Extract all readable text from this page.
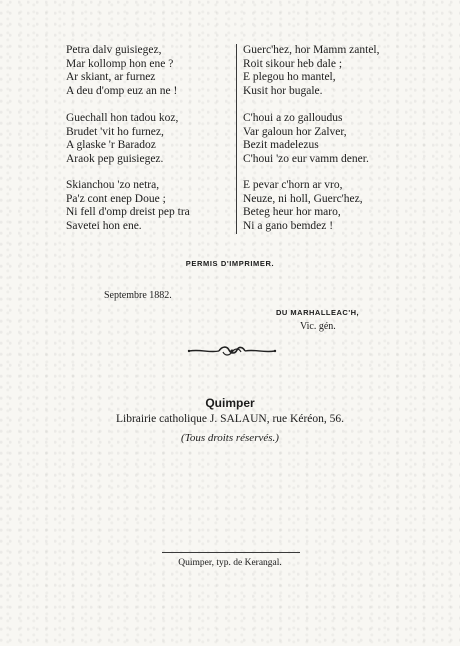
Petra dalv guisiegez,
Mar kollomp hon ene ?
Ar skiant, ar furnez
A deu d'omp euz an ne !
Guechall hon tadou koz,
Brudet 'vit ho furnez,
A glaske 'r Baradoz
Araok pep guisiegez.
Skianchou 'zo netra,
Pa'z cont enep Doue ;
Ni fell d'omp dreist pep tra
Savetei hon ene.
Guerc'hez, hor Mamm zantel,
Roit sikour heb dale ;
E plegou ho mantel,
Kusit hor bugale.
C'houi a zo galloudus
Var galoun hor Zalver,
Bezit madelezus
C'houi 'zo eur vamm dener.
E pevar c'horn ar vro,
Neuze, ni holl, Guerc'hez,
Beteg heur hor maro,
Ni a gano bemdez !
PERMIS D'IMPRIMER.
Septembre 1882.
DU MARHALLEAC'H,
Vic. gén.
Quimper
Librairie catholique J. SALAUN, rue Kéréon, 56.
(Tous droits réservés.)
Quimper, typ. de Kerangal.
